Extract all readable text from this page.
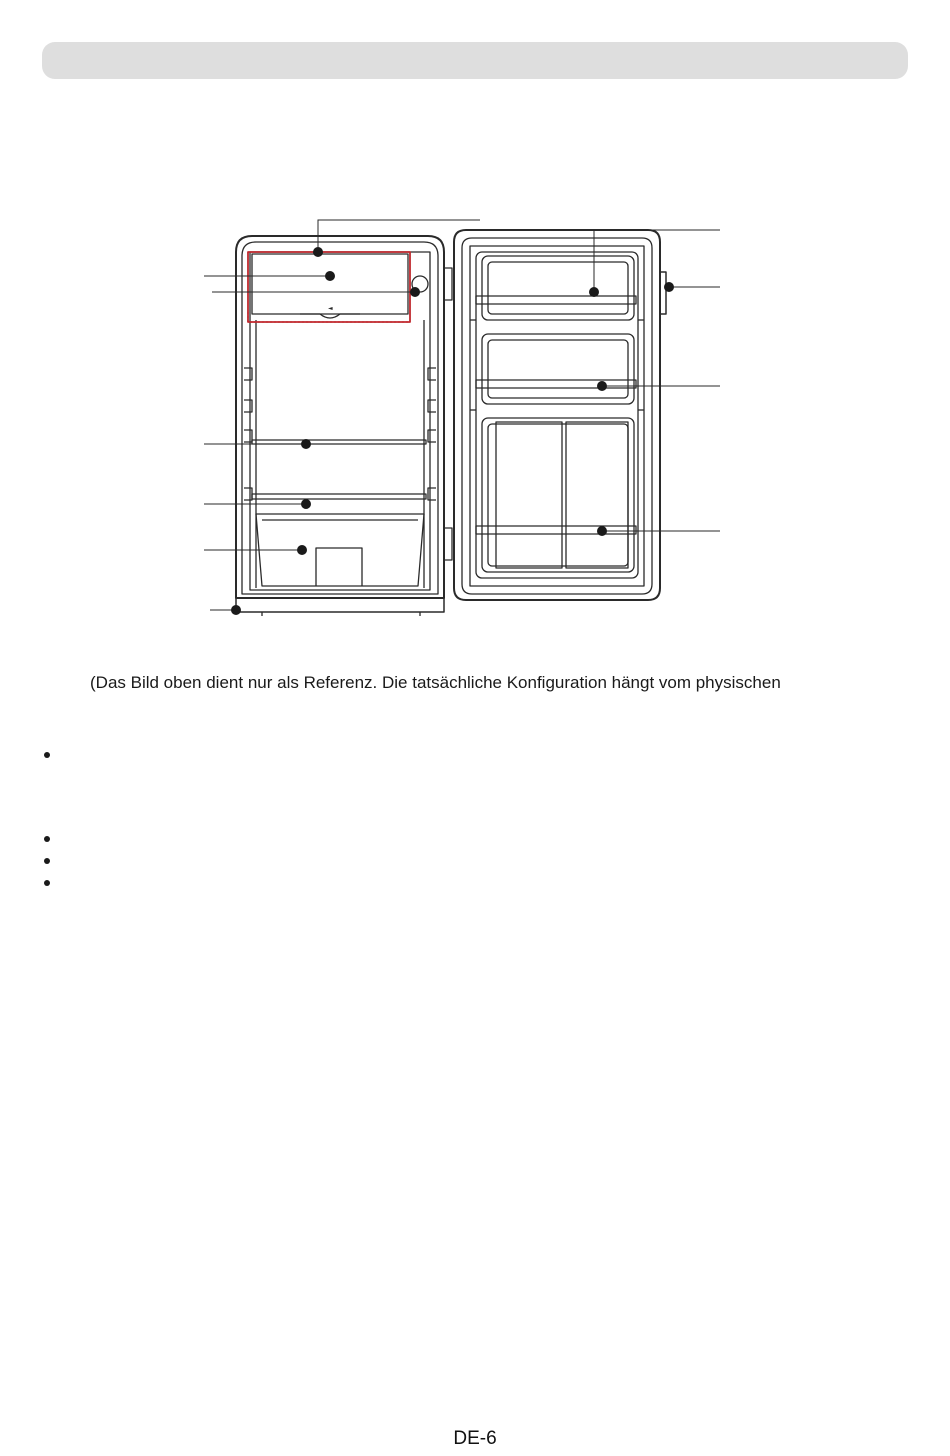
◄
(Das Bild oben dient nur als Referenz. Die tatsächliche Konfiguration hängt vom physischen
DE-6
